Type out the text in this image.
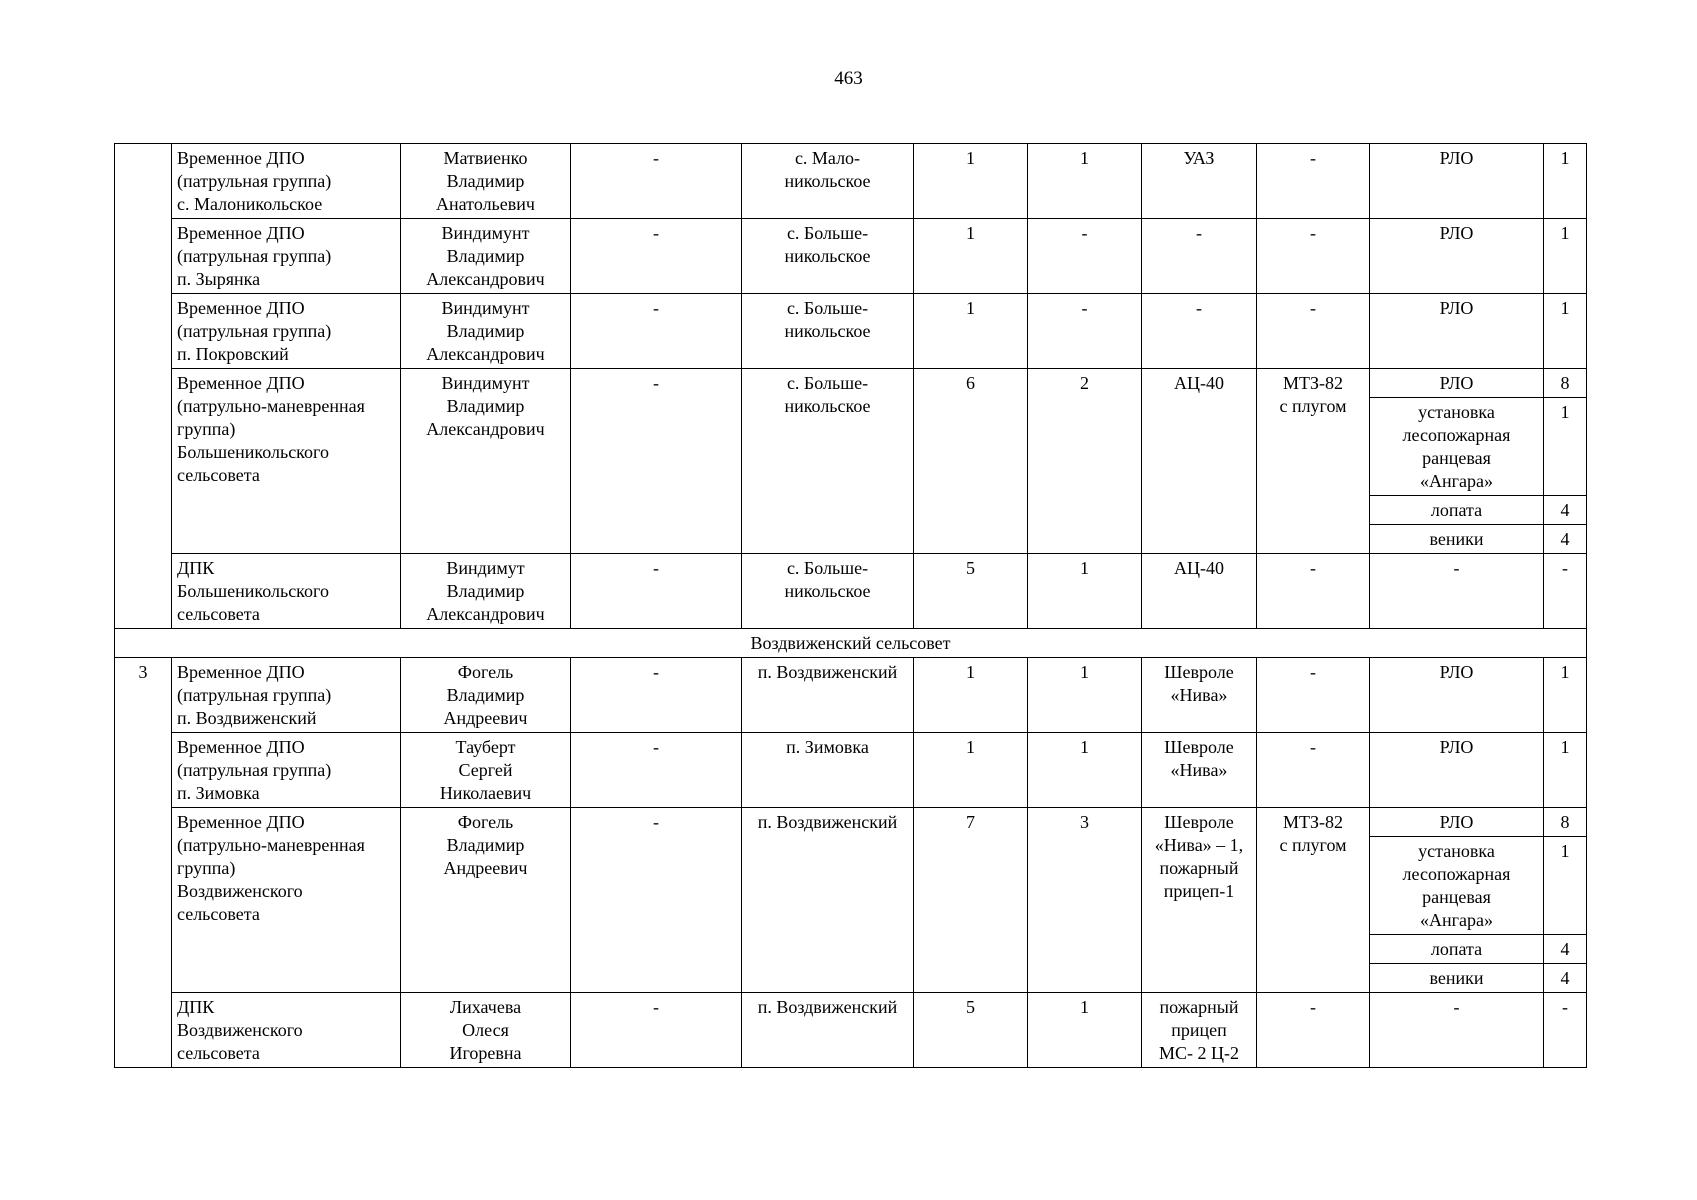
463
	Временное ДПО
(патрульная группа)
с. Малоникольское	Матвиенко
Владимир
Анатольевич	-	с. Мало-
никольское	1	1	УАЗ	-	РЛО	1
	Временное ДПО
(патрульная группа)
п. Зырянка	Виндимунт
Владимир
Александрович	-	с. Больше-
никольское	1	-	-	-	РЛО	1
	Временное ДПО
(патрульная группа)
п. Покровский	Виндимунт
Владимир
Александрович	-	с. Больше-
никольское	1	-	-	-	РЛО	1
	Временное ДПО
(патрульно-маневренная
группа)
Большеникольского
сельсовета	Виндимунт
Владимир
Александрович	-	с. Больше-
никольское	6	2	АЦ-40	МТЗ-82
с плугом	РЛО	8
									установка
лесопожарная
ранцевая
«Ангара»	1
									лопата	4
									веники	4
	ДПК
Большеникольского
сельсовета	Виндимут
Владимир
Александрович	-	с. Больше-
никольское	5	1	АЦ-40	-	-	-
Воздвиженский сельсовет										
3	Временное ДПО
(патрульная группа)
п. Воздвиженский	Фогель
Владимир
Андреевич	-	п. Воздвиженский	1	1	Шевроле
«Нива»	-	РЛО	1
	Временное ДПО
(патрульная группа)
п. Зимовка	Тауберт
Сергей
Николаевич	-	п. Зимовка	1	1	Шевроле
«Нива»	-	РЛО	1
	Временное ДПО
(патрульно-маневренная
группа)
Воздвиженского
сельсовета	Фогель
Владимир
Андреевич	-	п. Воздвиженский	7	3	Шевроле
«Нива» – 1,
пожарный
прицеп-1	МТЗ-82
с плугом	РЛО	8
									установка
лесопожарная
ранцевая
«Ангара»	1
									лопата	4
									веники	4
	ДПК
Воздвиженского
сельсовета	Лихачева
Олеся
Игоревна	-	п. Воздвиженский	5	1	пожарный
прицеп
МС- 2 Ц-2	-	-	-
